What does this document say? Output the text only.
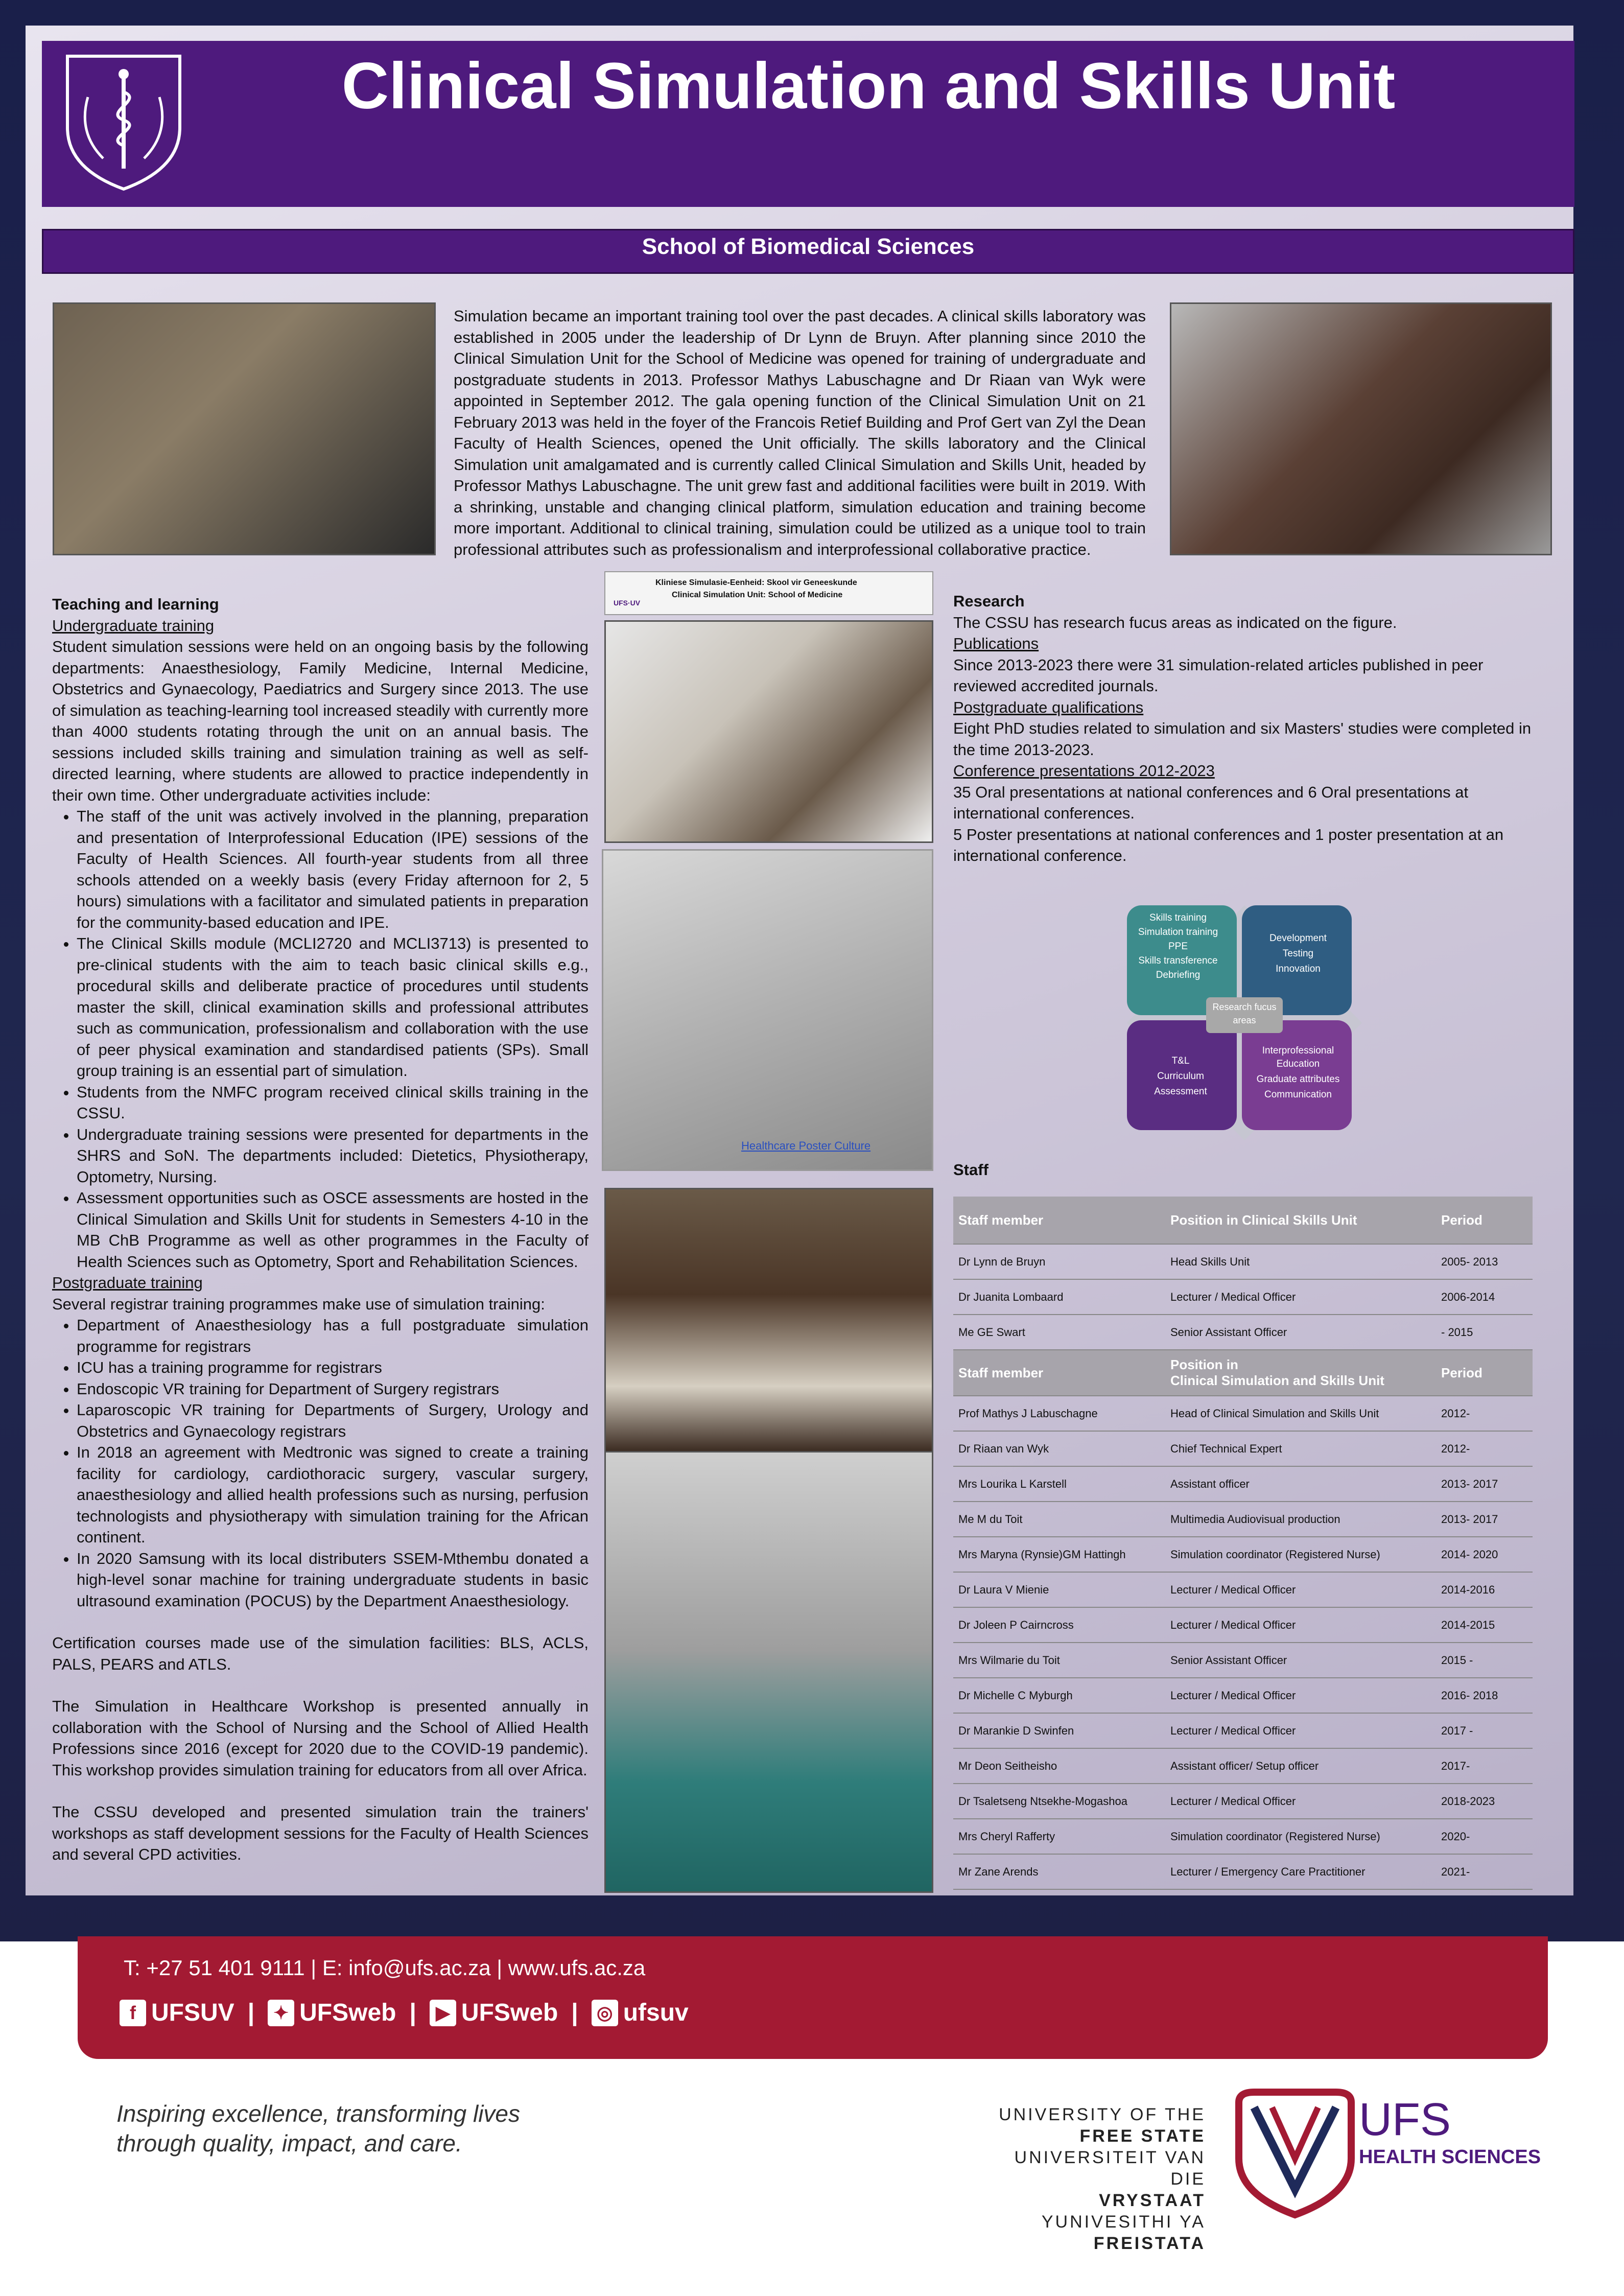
Clinical Simulation and Skills Unit
School of Biomedical Sciences
Simulation became an important training tool over the past decades. A clinical skills laboratory was established in 2005 under the leadership of Dr Lynn de Bruyn. After planning since 2010 the Clinical Simulation Unit for the School of Medicine was opened for training of undergraduate and postgraduate students in 2013. Professor Mathys Labuschagne and Dr Riaan van Wyk were appointed in September 2012. The gala opening function of the Clinical Simulation Unit on 21 February 2013 was held in the foyer of the Francois Retief Building and Prof Gert van Zyl the Dean Faculty of Health Sciences, opened the Unit officially. The skills laboratory and the Clinical Simulation unit amalgamated and is currently called Clinical Simulation and Skills Unit, headed by Professor Mathys Labuschagne. The unit grew fast and additional facilities were built in 2019. With a shrinking, unstable and changing clinical platform, simulation education and training become more important. Additional to clinical training, simulation could be utilized as a unique tool to train professional attributes such as professionalism and interprofessional collaborative practice.
UFS·UV
Kliniese Simulasie-Eenheid: Skool vir Geneeskunde
Clinical Simulation Unit: School of Medicine
Healthcare Poster Culture

Teaching and learning

Undergraduate training

Student simulation sessions were held on an ongoing basis by the following departments: Anaesthesiology, Family Medicine, Internal Medicine, Obstetrics and Gynaecology, Paediatrics and Surgery since 2013. The use of simulation as teaching-learning tool increased steadily with currently more than 4000 students rotating through the unit on an annual basis. The sessions included skills training and simulation training as well as self-directed learning, where students are allowed to practice independently in their own time. Other undergraduate activities include:

• The staff of the unit was actively involved in the planning, preparation and presentation of Interprofessional Education (IPE) sessions of the Faculty of Health Sciences. All fourth-year students from all three schools attended on a weekly basis (every Friday afternoon for 2, 5 hours) simulations with a facilitator and simulated patients in preparation for the community-based education and IPE.
• The Clinical Skills module (MCLI2720 and MCLI3713) is presented to pre-clinical students with the aim to teach basic clinical skills e.g., procedural skills and deliberate practice of procedures until students master the skill, clinical examination skills and professional attributes such as communication, professionalism and collaboration with the use of peer physical examination and standardised patients (SPs). Small group training is an essential part of simulation.
• Students from the NMFC program received clinical skills training in the CSSU.
• Undergraduate training sessions were presented for departments in the SHRS and SoN. The departments included: Dietetics, Physiotherapy, Optometry, Nursing.
• Assessment opportunities such as OSCE assessments are hosted in the Clinical Simulation and Skills Unit for students in Semesters 4-10 in the MB ChB Programme as well as other programmes in the Faculty of Health Sciences such as Optometry, Sport and Rehabilitation Sciences.

Postgraduate training

Several registrar training programmes make use of simulation training:

• Department of Anaesthesiology has a full postgraduate simulation programme for registrars
• ICU has a training programme for registrars
• Endoscopic VR training for Department of Surgery registrars
• Laparoscopic VR training for Departments of Surgery, Urology and Obstetrics and Gynaecology registrars
• In 2018 an agreement with Medtronic was signed to create a training facility for cardiology, cardiothoracic surgery, vascular surgery, anaesthesiology and allied health professions such as nursing, perfusion technologists and physiotherapy with simulation training for the African continent.
• In 2020 Samsung with its local distributers SSEM-Mthembu donated a high-level sonar machine for training undergraduate students in basic ultrasound examination (POCUS) by the Department Anaesthesiology.

Certification courses made use of the simulation facilities: BLS, ACLS, PALS, PEARS and ATLS.

The Simulation in Healthcare Workshop is presented annually in collaboration with the School of Nursing and the School of Allied Health Professions since 2016 (except for 2020 due to the COVID-19 pandemic). This workshop provides simulation training for educators from all over Africa.

The CSSU developed and presented simulation train the trainers' workshops as staff development sessions for the Faculty of Health Sciences and several CPD activities.

Research

The CSSU has research fucus areas as indicated on the figure.

Publications

Since 2013-2023 there were 31 simulation-related articles published in peer reviewed accredited journals.

Postgraduate qualifications

Eight PhD studies related to simulation and six Masters' studies were completed in the time 2013-2023.

Conference presentations 2012-2023

35 Oral presentations at national conferences and 6 Oral presentations at international conferences.

5 Poster presentations at national conferences and 1 poster presentation at an international conference.

Skills training
Simulation training
PPE
Skills transference
Debriefing
Development
Testing
Innovation
T&L
Curriculum
Assessment
Interprofessional
Education
Graduate attributes
Communication
Research fucus areas
Staff
Staff member	Position in Clinical Skills Unit	Period
Dr Lynn de Bruyn	Head Skills Unit	2005- 2013
Dr Juanita Lombaard	Lecturer / Medical Officer	2006-2014
Me GE Swart	Senior Assistant Officer	- 2015
Staff member	Position in
Clinical Simulation and Skills Unit	Period
Prof Mathys J Labuschagne	Head of Clinical Simulation and Skills Unit	2012-
Dr Riaan van Wyk	Chief Technical Expert	2012-
Mrs Lourika L Karstell	Assistant officer	2013- 2017
Me M du Toit	Multimedia Audiovisual production	2013- 2017
Mrs Maryna (Rynsie)GM Hattingh	Simulation coordinator (Registered Nurse)	2014- 2020
Dr Laura V Mienie	Lecturer / Medical Officer	2014-2016
Dr Joleen P Cairncross	Lecturer / Medical Officer	2014-2015
Mrs Wilmarie du Toit	Senior Assistant Officer	2015 -
Dr Michelle C Myburgh	Lecturer / Medical Officer	2016- 2018
Dr Marankie D Swinfen	Lecturer / Medical Officer	2017 -
Mr Deon Seitheisho	Assistant officer/ Setup officer	2017-
Dr Tsaletseng Ntsekhe-Mogashoa	Lecturer / Medical Officer	2018-2023
Mrs Cheryl Rafferty	Simulation coordinator (Registered Nurse)	2020-
Mr Zane Arends	Lecturer / Emergency Care Practitioner	2021-
T: +27 51 401 9111 | E: info@ufs.ac.za | www.ufs.ac.za
f UFSUV |	✦ UFSweb |	▶ UFSweb | ◎ ufsuv
Inspiring excellence, transforming lives
through quality, impact, and care.
UNIVERSITY OF THE
FREE STATE
UNIVERSITEIT VAN DIE
VRYSTAAT
YUNIVESITHI YA
FREISTATA
UFS
HEALTH SCIENCES
